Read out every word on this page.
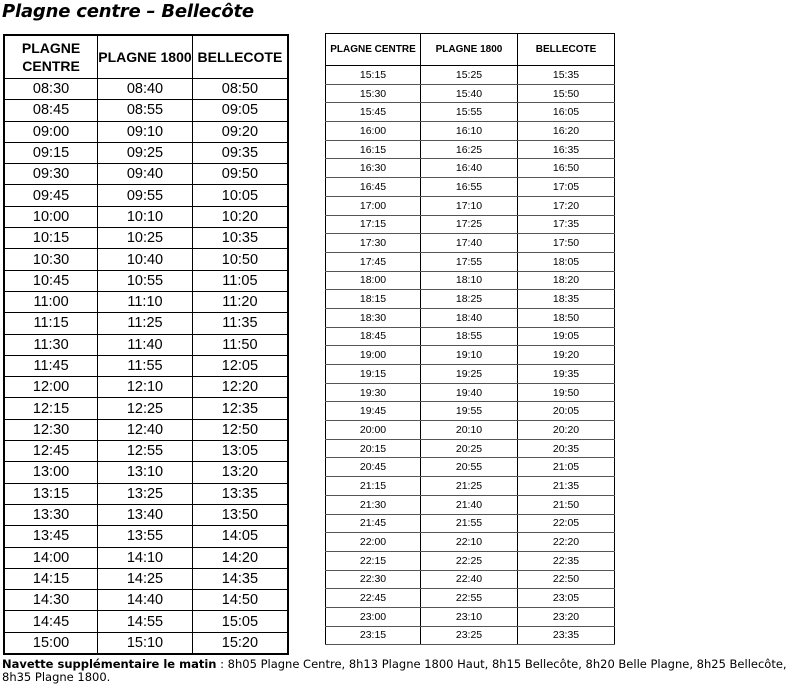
Plagne centre – Bellecôte
PLAGNE CENTRE	PLAGNE 1800	BELLECOTE
08:30	08:40	08:50
08:45	08:55	09:05
09:00	09:10	09:20
09:15	09:25	09:35
09:30	09:40	09:50
09:45	09:55	10:05
10:00	10:10	10:20
10:15	10:25	10:35
10:30	10:40	10:50
10:45	10:55	11:05
11:00	11:10	11:20
11:15	11:25	11:35
11:30	11:40	11:50
11:45	11:55	12:05
12:00	12:10	12:20
12:15	12:25	12:35
12:30	12:40	12:50
12:45	12:55	13:05
13:00	13:10	13:20
13:15	13:25	13:35
13:30	13:40	13:50
13:45	13:55	14:05
14:00	14:10	14:20
14:15	14:25	14:35
14:30	14:40	14:50
14:45	14:55	15:05
15:00	15:10	15:20
PLAGNE CENTRE	PLAGNE 1800	BELLECOTE
15:15	15:25	15:35
15:30	15:40	15:50
15:45	15:55	16:05
16:00	16:10	16:20
16:15	16:25	16:35
16:30	16:40	16:50
16:45	16:55	17:05
17:00	17:10	17:20
17:15	17:25	17:35
17:30	17:40	17:50
17:45	17:55	18:05
18:00	18:10	18:20
18:15	18:25	18:35
18:30	18:40	18:50
18:45	18:55	19:05
19:00	19:10	19:20
19:15	19:25	19:35
19:30	19:40	19:50
19:45	19:55	20:05
20:00	20:10	20:20
20:15	20:25	20:35
20:45	20:55	21:05
21:15	21:25	21:35
21:30	21:40	21:50
21:45	21:55	22:05
22:00	22:10	22:20
22:15	22:25	22:35
22:30	22:40	22:50
22:45	22:55	23:05
23:00	23:10	23:20
23:15	23:25	23:35

Navette supplémentaire le matin : 8h05 Plagne Centre, 8h13 Plagne 1800 Haut, 8h15 Bellecôte, 8h20 Belle Plagne, 8h25 Bellecôte, 8h35 Plagne 1800.
